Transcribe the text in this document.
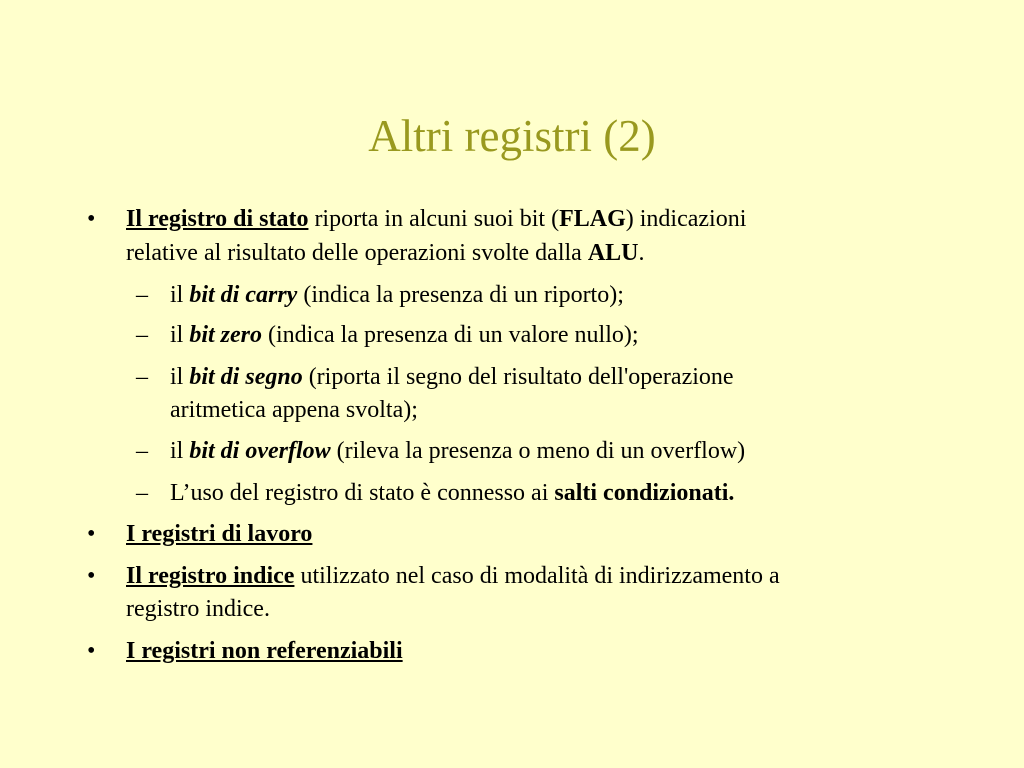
Altri registri (2)
• Il registro di stato riporta in alcuni suoi bit (FLAG) indicazioni
relative al risultato delle operazioni svolte dalla ALU.
– il bit di carry (indica la presenza di un riporto);
– il bit zero (indica la presenza di un valore nullo);
– il bit di segno (riporta il segno del risultato dell'operazione
aritmetica appena svolta);
– il bit di overflow (rileva la presenza o meno di un overflow)
– L’uso del registro di stato è connesso ai salti condizionati.
• I registri di lavoro
• Il registro indice utilizzato nel caso di modalità di indirizzamento a
registro indice.
• I registri non referenziabili
